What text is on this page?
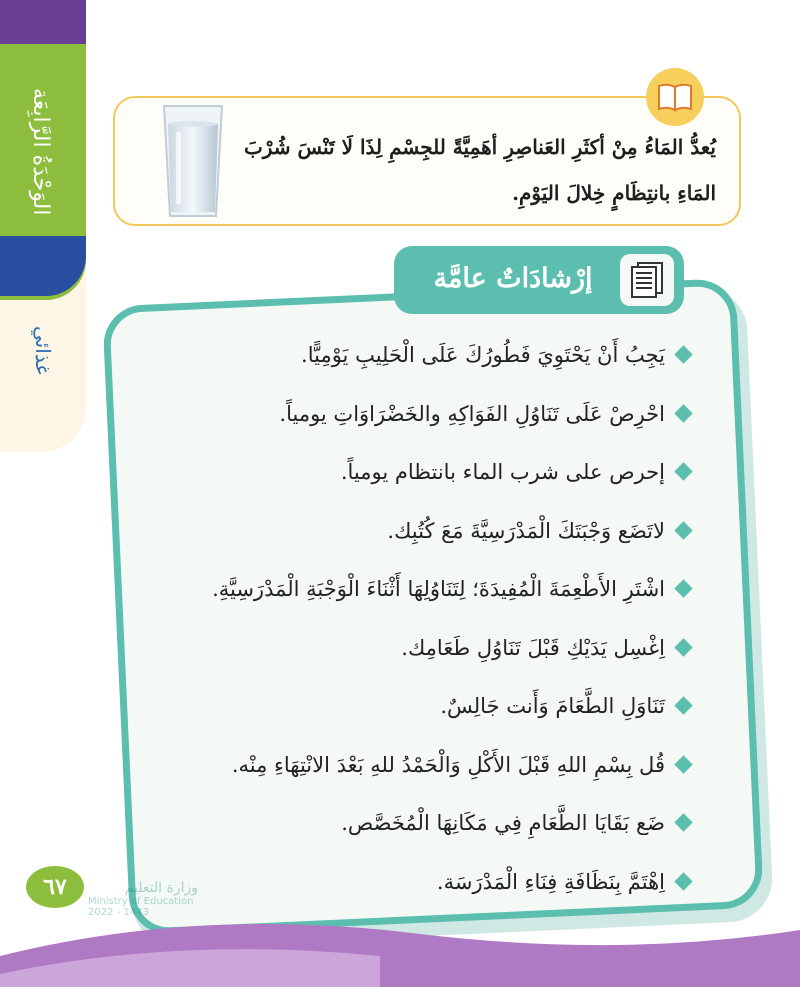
الوَحْدَةُ الرَّابِعَة
غذائي
يُعدُّ المَاءُ مِنْ أكثَرِ العَناصِرِ أهَمِيَّةً للجِسْمِ لِذَا لَا تَنْسَ شُرْبَ
المَاءِ بانتِظَامٍ خِلالَ اليَوْمِ.
إرْشادَاتٌ عامَّة
يَجِبُ أَنْ يَحْتَوِيَ فَطُورُكَ عَلَى الْحَلِيبِ يَوْمِيًّا.
احْرِصْ عَلَى تَنَاوُلِ الفَوَاكِهِ والخَضْرَاوَاتِ يومياً.
إحرص على شرب الماء بانتظام يومياً.
لاتَضَع وَجْبَتَكَ الْمَدْرَسِيَّةَ مَعَ كُتُبِك.
اشْتَرِ الأَطْعِمَةَ الْمُفِيدَةَ؛ لِتَنَاوُلِهَا أَثْنَاءَ الْوَجْبَةِ الْمَدْرَسِيَّةِ.
اِغْسِل يَدَيْكِ قَبْلَ تَنَاوُلِ طَعَامِك.
تَنَاوَلِ الطَّعَامَ وَأَنت جَالِسٌ.
قُل بِسْمِ اللهِ قَبْلَ الأَكْلِ وَالْحَمْدُ للهِ بَعْدَ الانْتِهَاءِ مِنْه.
ضَع بَقَايَا الطَّعَامِ فِي مَكَانِهَا الْمُخَصَّص.
اِهْتَمَّ بِنَظَافَةِ فِنَاءِ الْمَدْرَسَة.
٦٧	وزارة التعليم
Ministry of Education
2022 - 1443
